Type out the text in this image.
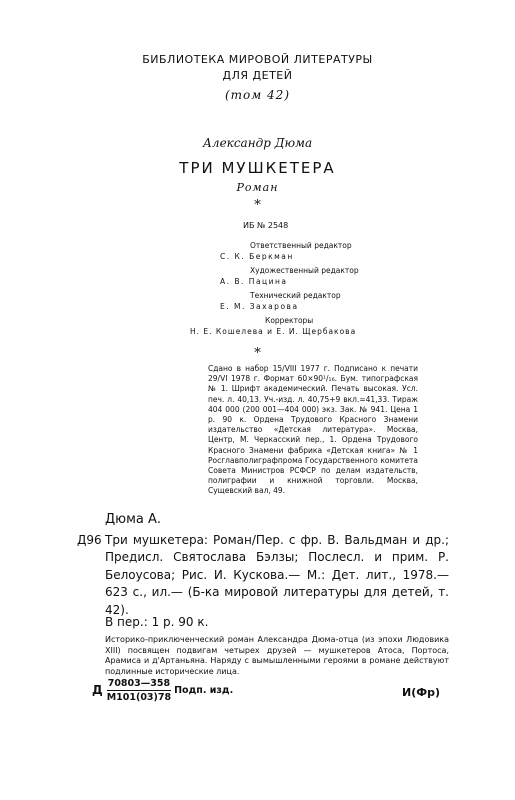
БИБЛИОТЕКА МИРОВОЙ ЛИТЕРАТУРЫ
ДЛЯ ДЕТЕЙ
(том 42)
Александр Дюма
ТРИ МУШКЕТЕРА
Роман
*
ИБ № 2548
Ответственный редактор
С. К. Беркман
Художественный редактор
А. В. Пацина
Технический редактор
Е. М. Захарова
Корректоры
Н. Е. Кошелева и Е. И. Щербакова
*
Сдано в набор 15/VIII 1977 г. Подписано к печати 29/VI 1978 г. Формат 60×90¹/₁₆. Бум. типографская № 1. Шрифт академический. Печать высокая. Усл. печ. л. 40,13. Уч.-изд. л. 40,75+9 вкл.=41,33. Тираж 404 000 (200 001—404 000) экз. Зак. № 941. Цена 1 р. 90 к. Ордена Трудового Красного Знамени издательство «Детская литература». Москва, Центр, М. Черкасский пер., 1. Ордена Трудового Красного Знамени фабрика «Детская книга» № 1 Росглавполиграфпрома Государственного комитета Совета Министров РСФСР по делам издательств, полиграфии и книжной торговли. Москва, Сущевский вал, 49.
Дюма А.
Д96 Три мушкетера: Роман/Пер. с фр. В. Вальдман и др.; Предисл. Святослава Бэлзы; Послесл. и прим. Р. Белоусова; Рис. И. Кускова.— М.: Дет. лит., 1978.— 623 с., ил.— (Б-ка мировой литературы для детей, т. 42).
В пер.: 1 р. 90 к.
Историко-приключенческий роман Александра Дюма-отца (из эпохи Людовика XIII) посвящен подвигам четырех друзей — мушкетеров Атоса, Портоса, Арамиса и д'Артаньяна. Наряду с вымышленными героями в романе действуют подлинные исторические лица.
Д 70803—358
М101(03)78
Подп. изд.	И(Фр)
